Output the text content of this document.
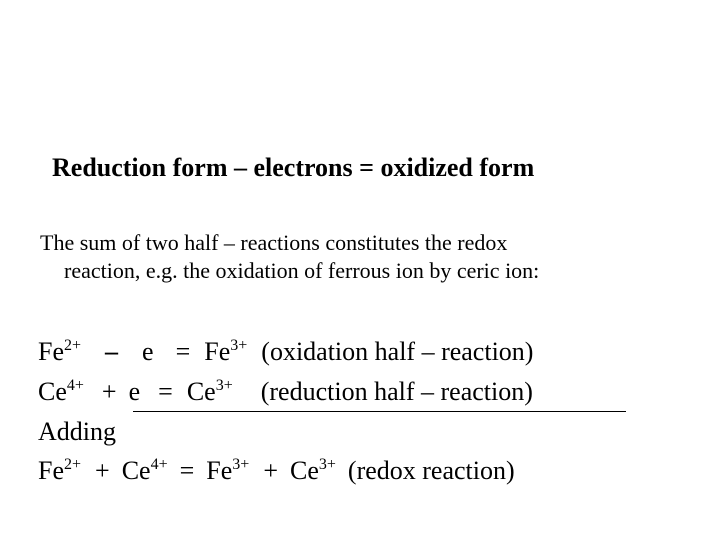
Reduction form – electrons = oxidized form
The sum of two half – reactions constitutes the redox
reaction, e.g. the oxidation of ferrous ion by ceric ion:
$Fe^{2+} - e = Fe^{3+}$ (oxidation half – reaction)
$Ce^{4+} + e = Ce^{3+}$ (reduction half – reaction)
Adding
$Fe^{2+} + Ce^{4+} = Fe^{3+} + Ce^{3+}$ (redox reaction)
